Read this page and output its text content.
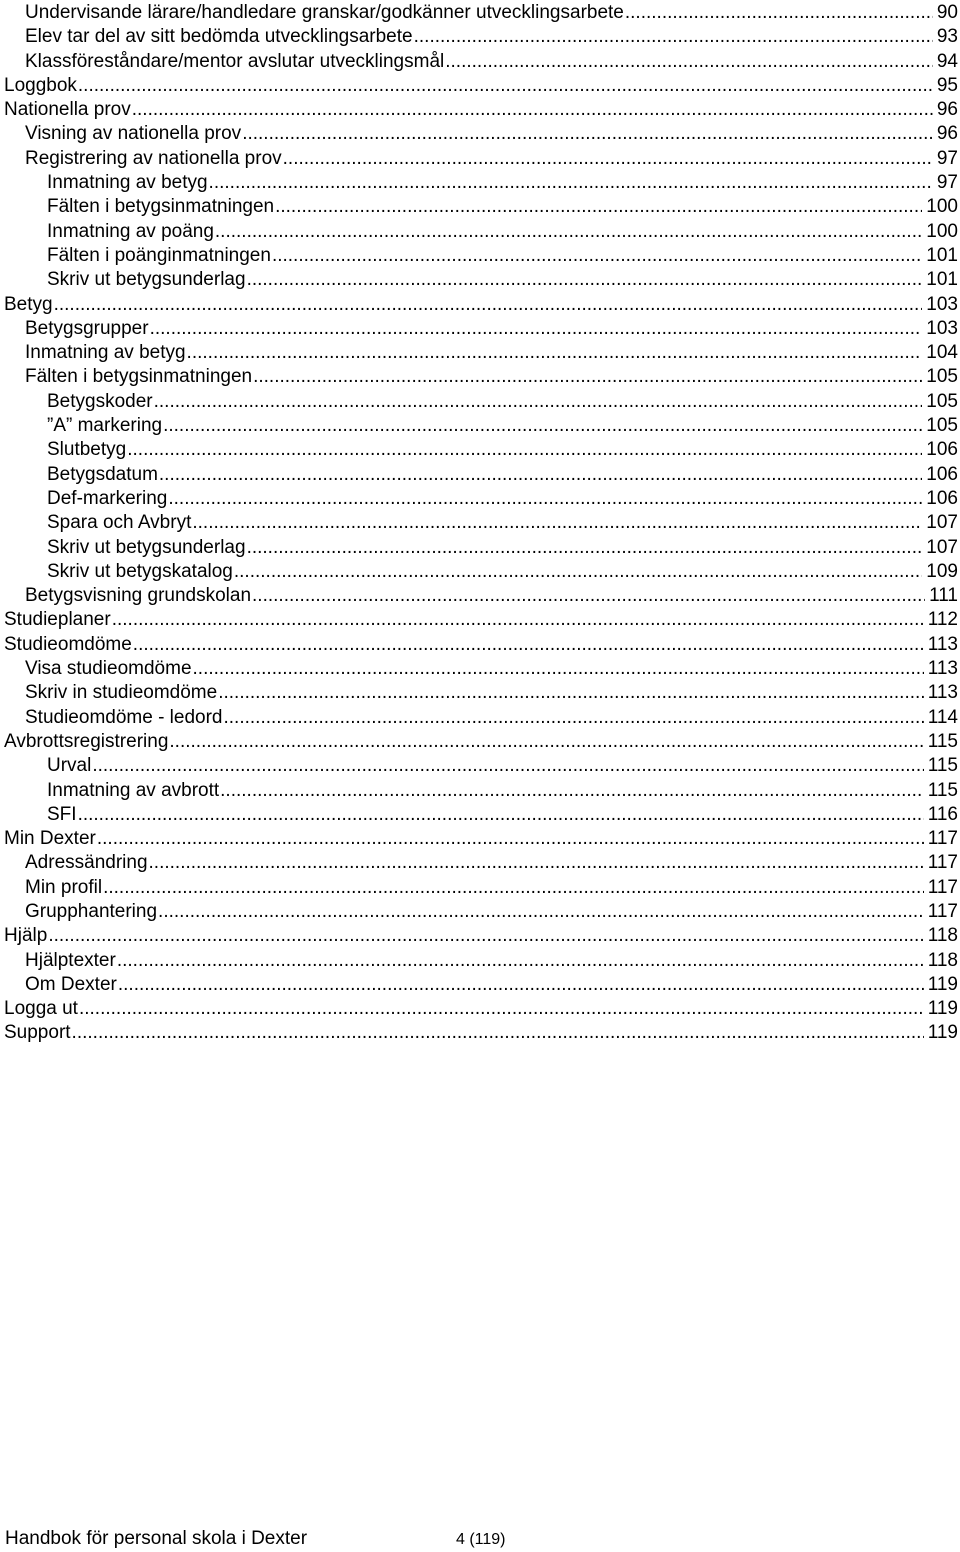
Undervisande lärare/handledare granskar/godkänner utvecklingsarbete .....	90
Elev tar del av sitt bedömda utvecklingsarbete .....	93
Klassföreståndare/mentor avslutar utvecklingsmål .....	94
Loggbok .....	95
Nationella prov .....	96
Visning av nationella prov .....	96
Registrering av nationella prov .....	97
Inmatning av betyg .....	97
Fälten i betygsinmatningen .....	100
Inmatning av poäng .....	100
Fälten i poänginmatningen .....	101
Skriv ut betygsunderlag .....	101
Betyg .....	103
Betygsgrupper .....	103
Inmatning av betyg .....	104
Fälten i betygsinmatningen .....	105
Betygskoder .....	105
”A” markering .....	105
Slutbetyg .....	106
Betygsdatum .....	106
Def-markering .....	106
Spara och Avbryt .....	107
Skriv ut betygsunderlag .....	107
Skriv ut betygskatalog .....	109
Betygsvisning grundskolan .....	111
Studieplaner .....	112
Studieomdöme .....	113
Visa studieomdöme .....	113
Skriv in studieomdöme .....	113
Studieomdöme - ledord .....	114
Avbrottsregistrering .....	115
Urval .....	115
Inmatning av avbrott .....	115
SFI .....	116
Min Dexter .....	117
Adressändring .....	117
Min profil .....	117
Grupphantering .....	117
Hjälp .....	118
Hjälptexter .....	118
Om Dexter .....	119
Logga ut .....	119
Support .....	119
Handbok för personal skola i Dexter	4 (119)
